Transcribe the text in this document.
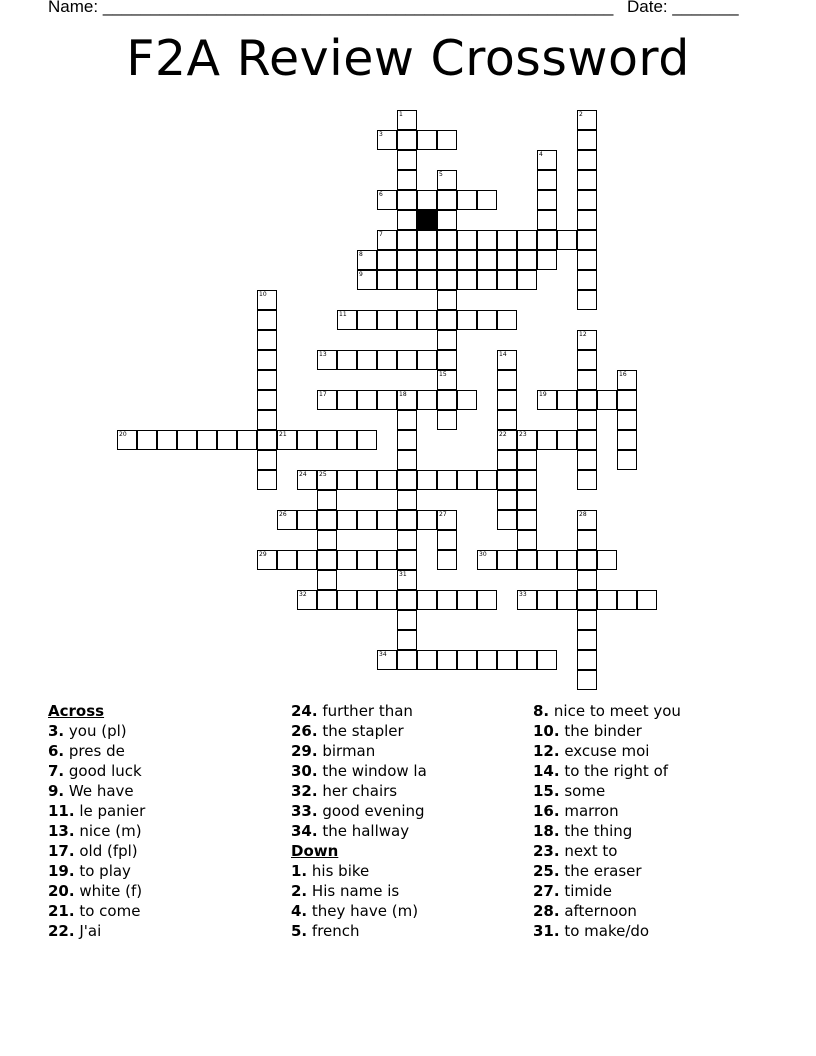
Name: ______________________________________________________ Date: _______
F2A Review Crossword
1	2
3
4
5
15
6
7
8
9
10
11
12
13	14
22
16
17	18
31
19
20	21	23
24 25
26	27	28
29	30
32	33
34
Across
3. you (pl)
6. pres de
7. good luck
9. We have
11. le panier
13. nice (m)
17. old (fpl)
19. to play
20. white (f)
21. to come
22. J'ai
24. further than
26. the stapler
29. birman
30. the window la
32. her chairs
33. good evening
34. the hallway
Down
1. his bike
2. His name is
4. they have (m)
5. french
8. nice to meet you
10. the binder
12. excuse moi
14. to the right of
15. some
16. marron
18. the thing
23. next to
25. the eraser
27. timide
28. afternoon
31. to make/do
